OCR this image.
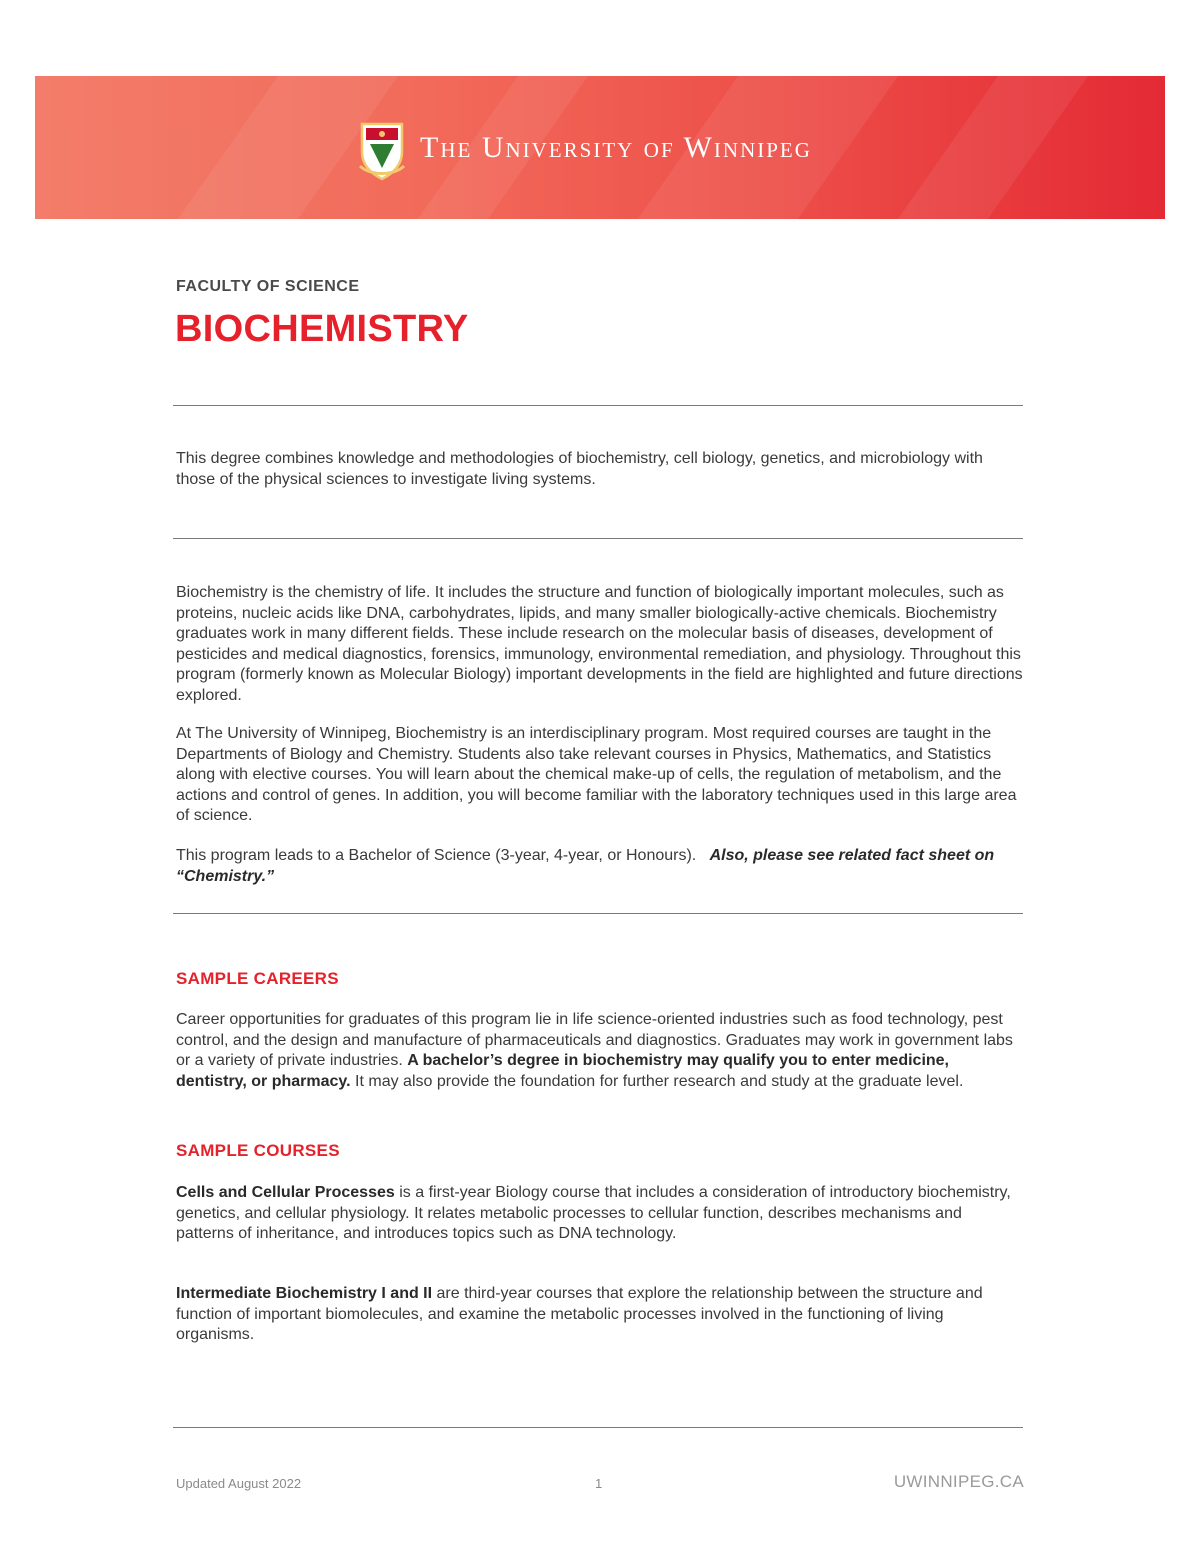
The University of Winnipeg
FACULTY OF SCIENCE
BIOCHEMISTRY

This degree combines knowledge and methodologies of biochemistry, cell biology, genetics, and microbiology with those of the physical sciences to investigate living systems.

Biochemistry is the chemistry of life. It includes the structure and function of biologically important molecules, such as proteins, nucleic acids like DNA, carbohydrates, lipids, and many smaller biologically-active chemicals. Biochemistry graduates work in many different fields. These include research on the molecular basis of diseases, development of pesticides and medical diagnostics, forensics, immunology, environmental remediation, and physiology. Throughout this program (formerly known as Molecular Biology) important developments in the field are highlighted and future directions explored.

At The University of Winnipeg, Biochemistry is an interdisciplinary program. Most required courses are taught in the Departments of Biology and Chemistry. Students also take relevant courses in Physics, Mathematics, and Statistics along with elective courses. You will learn about the chemical make-up of cells, the regulation of metabolism, and the actions and control of genes. In addition, you will become familiar with the laboratory techniques used in this large area of science.

This program leads to a Bachelor of Science (3-year, 4-year, or Honours). Also, please see related fact sheet on “Chemistry.”

SAMPLE CAREERS

Career opportunities for graduates of this program lie in life science-oriented industries such as food technology, pest control, and the design and manufacture of pharmaceuticals and diagnostics. Graduates may work in government labs or a variety of private industries. A bachelor’s degree in biochemistry may qualify you to enter medicine, dentistry, or pharmacy. It may also provide the foundation for further research and study at the graduate level.

SAMPLE COURSES

Cells and Cellular Processes is a first-year Biology course that includes a consideration of introductory biochemistry, genetics, and cellular physiology. It relates metabolic processes to cellular function, describes mechanisms and patterns of inheritance, and introduces topics such as DNA technology.

Intermediate Biochemistry I and II are third-year courses that explore the relationship between the structure and function of important biomolecules, and examine the metabolic processes involved in the functioning of living organisms.

Updated August 2022	1	UWINNIPEG.CA
